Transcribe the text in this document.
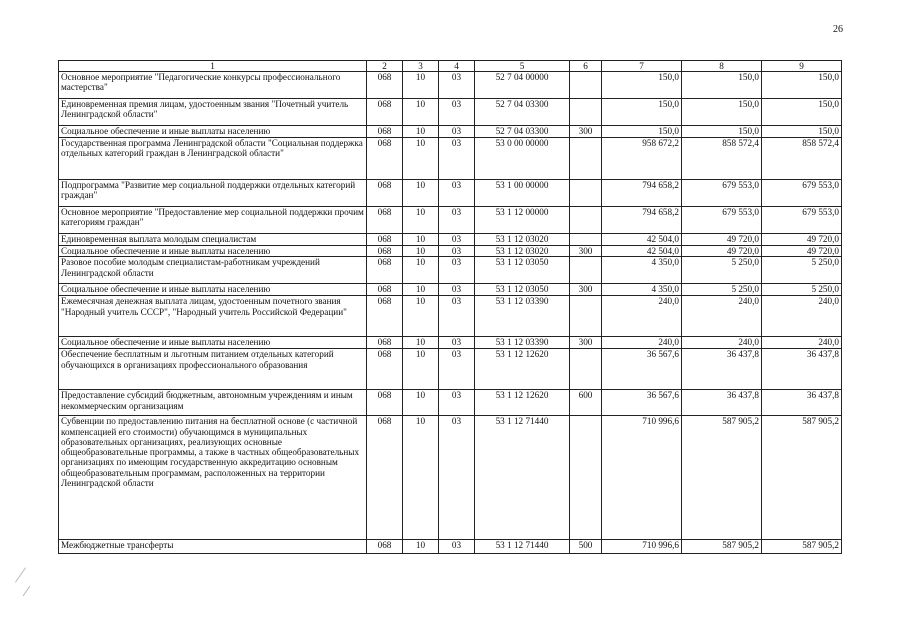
26
1	2	3	4	5	6	7	8	9
Основное мероприятие "Педагогические конкурсы профессионального мастерства"	068	10	03	52 7 04 00000		150,0	150,0	150,0
Единовременная премия лицам, удостоенным звания "Почетный учитель Ленинградской области"	068	10	03	52 7 04 03300		150,0	150,0	150,0
Социальное обеспечение и иные выплаты населению	068	10	03	52 7 04 03300	300	150,0	150,0	150,0
Государственная программа Ленинградской области "Социальная поддержка отдельных категорий граждан в Ленинградской области"	068	10	03	53 0 00 00000		958 672,2	858 572,4	858 572,4
Подпрограмма "Развитие мер социальной поддержки отдельных категорий граждан"	068	10	03	53 1 00 00000		794 658,2	679 553,0	679 553,0
Основное мероприятие "Предоставление мер социальной поддержки прочим категориям граждан"	068	10	03	53 1 12 00000		794 658,2	679 553,0	679 553,0
Единовременная выплата молодым специалистам	068	10	03	53 1 12 03020		42 504,0	49 720,0	49 720,0
Социальное обеспечение и иные выплаты населению	068	10	03	53 1 12 03020	300	42 504,0	49 720,0	49 720,0
Разовое пособие молодым специалистам-работникам учреждений Ленинградской области	068	10	03	53 1 12 03050		4 350,0	5 250,0	5 250,0
Социальное обеспечение и иные выплаты населению	068	10	03	53 1 12 03050	300	4 350,0	5 250,0	5 250,0
Ежемесячная денежная выплата лицам, удостоенным почетного звания "Народный учитель СССР", "Народный учитель Российской Федерации"	068	10	03	53 1 12 03390		240,0	240,0	240,0
Социальное обеспечение и иные выплаты населению	068	10	03	53 1 12 03390	300	240,0	240,0	240,0
Обеспечение бесплатным и льготным питанием отдельных категорий обучающихся в организациях профессионального образования	068	10	03	53 1 12 12620		36 567,6	36 437,8	36 437,8
Предоставление субсидий бюджетным, автономным учреждениям и иным некоммерческим организациям	068	10	03	53 1 12 12620	600	36 567,6	36 437,8	36 437,8
Субвенции по предоставлению питания на бесплатной основе (с частичной компенсацией его стоимости) обучающимся в муниципальных образовательных организациях, реализующих основные общеобразовательные программы, а также в частных общеобразовательных организациях по имеющим государственную аккредитацию основным общеобразовательным программам, расположенных на территории Ленинградской области	068	10	03	53 1 12 71440		710 996,6	587 905,2	587 905,2
Межбюджетные трансферты	068	10	03	53 1 12 71440	500	710 996,6	587 905,2	587 905,2
